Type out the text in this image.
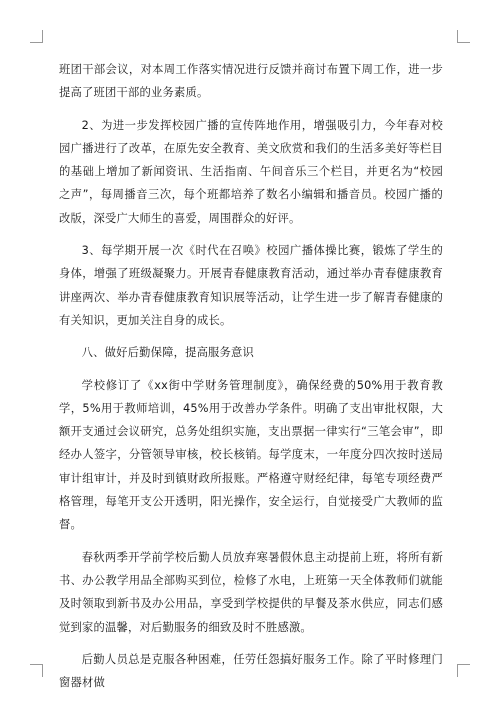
班团干部会议，对本周工作落实情况进行反馈并商讨布置下周工作，进一步提高了班团干部的业务素质。

2、为进一步发挥校园广播的宣传阵地作用，增强吸引力，今年春对校园广播进行了改革，在原先安全教育、美文欣赏和我们的生活多美好等栏目的基础上增加了新闻资讯、生活指南、午间音乐三个栏目，并更名为“校园之声”，每周播音三次，每个班都培养了数名小编辑和播音员。校园广播的改版，深受广大师生的喜爱，周围群众的好评。

3、每学期开展一次《时代在召唤》校园广播体操比赛，锻炼了学生的身体，增强了班级凝聚力。开展青春健康教育活动，通过举办青春健康教育讲座两次、举办青春健康教育知识展等活动，让学生进一步了解青春健康的有关知识，更加关注自身的成长。

八、做好后勤保障，提高服务意识

学校修订了《xx街中学财务管理制度》，确保经费的50%用于教育教学，5%用于教师培训，45%用于改善办学条件。明确了支出审批权限，大额开支通过会议研究，总务处组织实施，支出票据一律实行“三笔会审”，即经办人签字，分管领导审核，校长核销。每学度末，一年度分四次按时送局审计组审计，并及时到镇财政所报账。严格遵守财经纪律，每笔专项经费严格管理，每笔开支公开透明，阳光操作，安全运行，自觉接受广大教师的监督。

春秋两季开学前学校后勤人员放弃寒暑假休息主动提前上班，将所有新书、办公教学用品全部购买到位，检修了水电，上班第一天全体教师们就能及时领取到新书及办公用品，享受到学校提供的早餐及茶水供应，同志们感觉到家的温馨，对后勤服务的细致及时不胜感激。

后勤人员总是克服各种困难，任劳任怨搞好服务工作。除了平时修理门窗器材做
